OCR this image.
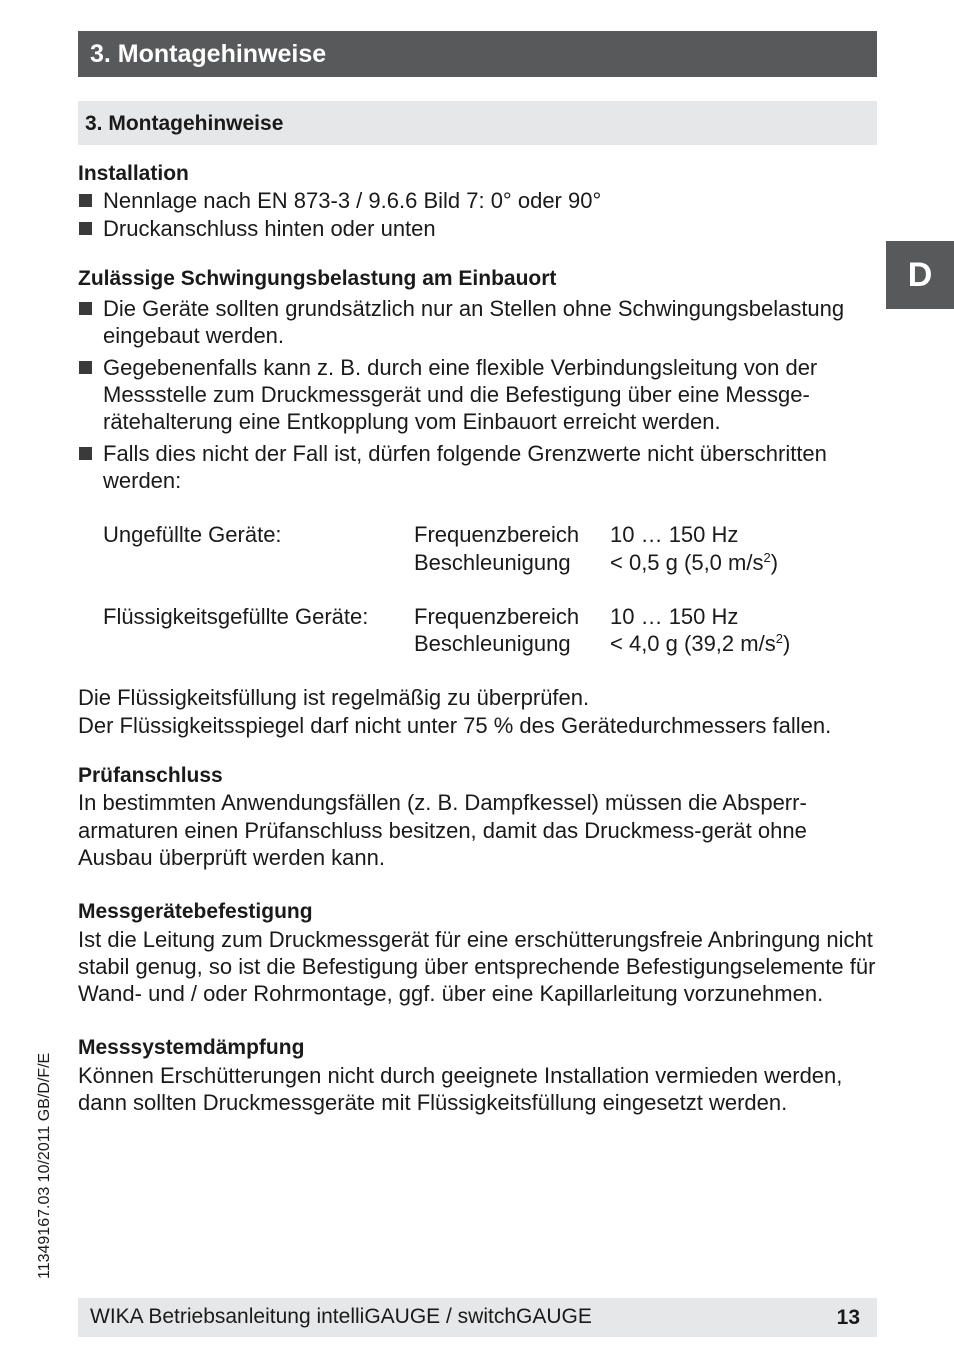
3. Montagehinweise
3. Montagehinweise
D
Installation
Nennlage nach EN 873-3 / 9.6.6 Bild 7: 0° oder 90°
Druckanschluss hinten oder unten
Zulässige Schwingungsbelastung am Einbauort
Die Geräte sollten grundsätzlich nur an Stellen ohne Schwingungsbelastung eingebaut werden.
Gegebenenfalls kann z. B. durch eine flexible Verbindungsleitung von der Messstelle zum Druckmessgerät und die Befestigung über eine Messgerätehalterung eine Entkopplung vom Einbauort erreicht werden.
Falls dies nicht der Fall ist, dürfen folgende Grenzwerte nicht überschritten werden:
Ungefüllte Geräte:	Frequenzbereich	10 … 150 Hz
	Beschleunigung	< 0,5 g (5,0 $m/s^2$)

Flüssigkeitsgefüllte Geräte:	Frequenzbereich	10 … 150 Hz
	Beschleunigung	< 4,0 g (39,2 $m/s^2$)

Die Flüssigkeitsfüllung ist regelmäßig zu überprüfen.
Der Flüssigkeitsspiegel darf nicht unter 75 % des Gerätedurchmessers fallen.

Prüfanschluss

In bestimmten Anwendungsfällen (z. B. Dampfkessel) müssen die Absperrarmaturen einen Prüfanschluss besitzen, damit das Druckmess-gerät ohne Ausbau überprüft werden kann.

Messgerätebefestigung

Ist die Leitung zum Druckmessgerät für eine erschütterungsfreie Anbringung nicht stabil genug, so ist die Befestigung über entsprechende Befestigungselemente für Wand- und / oder Rohrmontage, ggf. über eine Kapillarleitung vorzunehmen.

Messsystemdämpfung

Können Erschütterungen nicht durch geeignete Installation vermieden werden, dann sollten Druckmessgeräte mit Flüssigkeitsfüllung eingesetzt werden.

11349167.03 10/2011 GB/D/F/E
WIKA Betriebsanleitung intelliGAUGE / switchGAUGE	13
